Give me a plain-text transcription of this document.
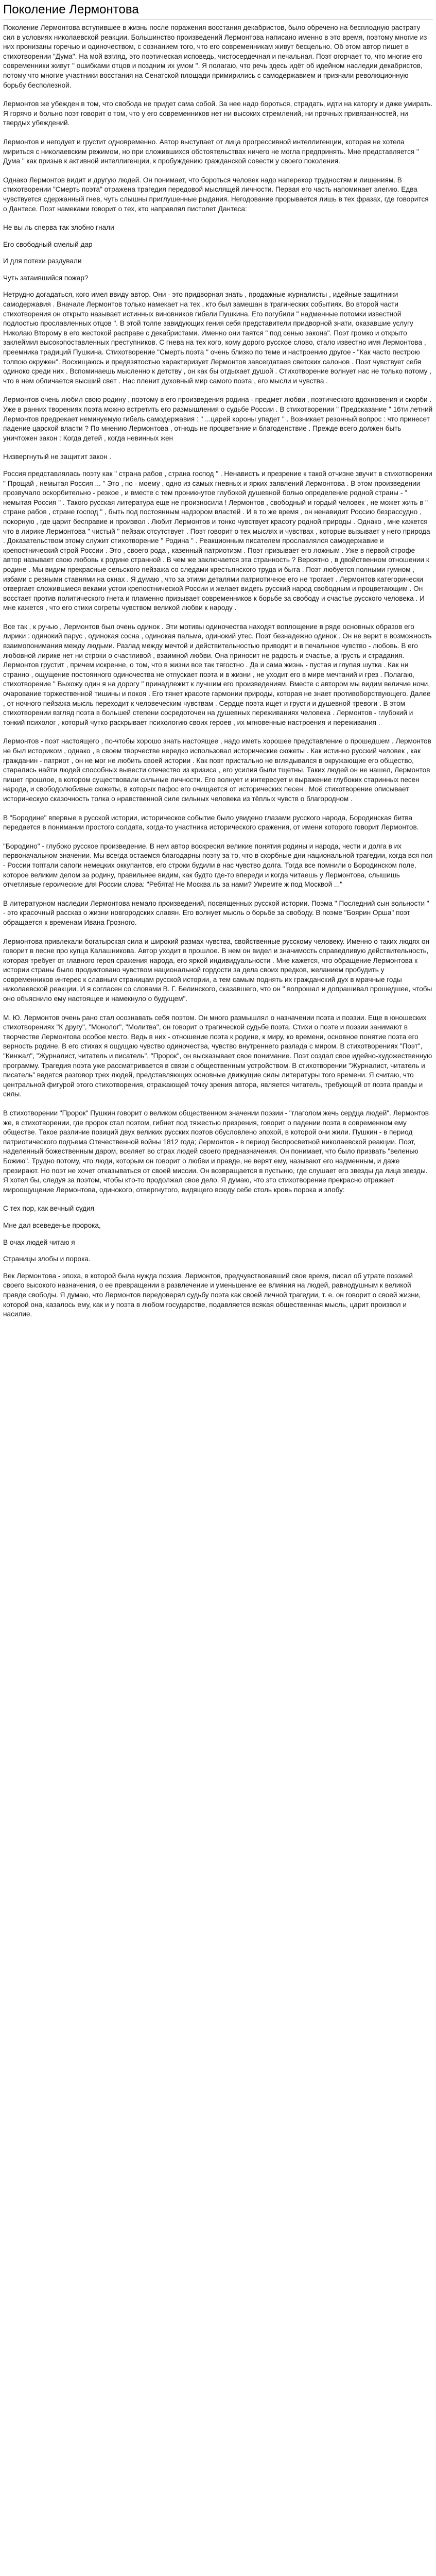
Поколение Лермонтова

Поколение Лермонтова вступившее в жизнь после поражения восстания декабристов, было обречено на бесплодную растрату сил в условиях николаевской реакции. Большинство произведений Лермонтова написано именно в это время, поэтому многие из них пронизаны горечью и одиночеством, с сознанием того, что его современникам живут бесцельно. Об этом автор пишет в стихотворении "Дума". На мой взгляд, это поэтическая исповедь, чистосердечная и печальная. Поэт огорчает то, что многие его современники живут " ошибками отцов и поздним их умом ". Я полагаю, что речь здесь идёт об идейном наследии декабристов, потому что многие участники восстания на Сенатской площади примирились с самодержавием и признали революционную борьбу бесполезной.

Лермонтов же убежден в том, что свобода не придет сама собой. За нее надо бороться, страдать, идти на каторгу и даже умирать. Я горячо и больно поэт говорит о том, что у его современников нет ни высоких стремлений, ни прочных привязанностей, ни твердых убеждений.

Лермонтов и негодует и грустит одновременно. Автор выступает от лица прогрессивной интеллигенции, которая не хотела мириться с николаевским режимом, но при сложившихся обстоятельствах ничего не могла предпринять. Мне представляется " Дума " как призыв к активной интеллигенции, к пробуждению гражданской совести у своего поколения.

Однако Лермонтов видит и другую людей. Он понимает, что бороться человек надо наперекор трудностям и лишениям. В стихотворении "Смерть поэта" отражена трагедия передовой мыслящей личности. Первая его часть напоминает элегию. Едва чувствуется сдержанный гнев, чуть слышны приглушенные рыдания. Негодование прорывается лишь в тех фразах, где говорится о Дантесе. Поэт намеками говорит о тех, кто направлял пистолет Дантеса:

Не вы ль сперва так злобно гнали
Его свободный смелый дар
И для потехи раздували
Чуть затаившийся пожар?

Нетрудно догадаться, кого имел ввиду автор. Они - это придворная знать , продажные журналисты , идейные защитники самодержавия . Вначале Лермонтов только намекает на тех , кто был замешан в трагических событиях. Во второй части стихотворения он открыто называет истинных виновников гибели Пушкина. Его погубили " надменные потомки известной подлостью прославленных отцов ". В этой толпе завидующих гения себя представители придворной знати, оказавшие услугу Николаю Второму в его жестокой расправе с декабристами. Именно они таятся " под сенью закона". Поэт громко и открыто заклеймил высокопоставленных преступников. С гнева на тех кого, кому дорого русское слово, стало известно имя Лермонтова , преемника традиций Пушкина. Стихотворение "Смерть поэта " очень близко по теме и настроению другое - "Как часто пестрою толпою окружен". Восхищаюсь и предвзятостью характеризует Лермонтов завсегдатаев светских салонов . Поэт чувствует себя одиноко среди них . Вспоминаешь мысленно к детству , он как бы отдыхает душой . Стихотворение волнует нас не только потому , что в нем обличается высший свет . Нас пленит духовный мир самого поэта , его мысли и чувства .

Лермонтов очень любил свою родину , поэтому в его произведения родина - предмет любви , поэтического вдохновения и скорби . Уже в ранних творениях поэта можно встретить его размышления о судьбе России . В стихотворении " Предсказание " 16ти летний Лермонтов предрекает неминуемую гибель самодержавия : " ...царей короны упадет " . Возникает резонный вопрос : что принесет падение царской власти ? По мнению Лермонтова , отнюдь не процветание и благоденствие . Прежде всего должен быть уничтожен закон : Когда детей , когда невинных жен

Низвергнутый не защитит закон .

Россия представлялась поэту как " страна рабов , страна господ " . Ненавистъ и презрение к такой отчизне звучит в стихотворении " Прощай , немытая Россия ... " Это , по - моему , одно из самых гневных и ярких заявлений Лермонтова . В этом произведении прозвучало оскорбительно - резкое , и вместе с тем проникнутое глубокой душевной болью определение родной страны - " немытая Россия " . Такого русская литература еще не произносила ! Лермонтов , свободный и гордый человек , не может жить в " стране рабов , стране господ " , быть под постоянным надзором властей . И в то же время , он ненавидит Россию безрассудно , покорную , где царит бесправие и произвол . Любит Лермонтов и тонко чувствует красоту родной природы . Однако , мне кажется что в лирике Лермонтова " чистый " пейзаж отсутствует . Поэт говорит о тех мыслях и чувствах , которые вызывает у него природа . Доказательством этому служит стихотворение " Родина " . Реакционным писателем прославлялся самодержавие и крепостнический строй России . Это , своего рода , казенный патриотизм . Поэт призывает его ложным . Уже в первой строфе автор называет свою любовь к родине странной . В чем же заключается эта странность ? Вероятно , в двойственном отношении к родине . Мы видим прекрасные сельского пейзажа со следами крестьянского труда и быта . Поэт любуется полными гумном , избами с резными ставнями на окнах . Я думаю , что за этими деталями патриотичное его не трогает . Лермонтов категорически отвергает сложившиеся веками устои крепостнической России и желает видеть русский народ свободным и процветающим . Он восстает против политического гнета и пламенно призывает современников к борьбе за свободу и счастье русского человека . И мне кажется , что его стихи согреты чувством великой любви к народу .

Все так , к ручью , Лермонтов был очень одинок . Эти мотивы одиночества находят воплощение в ряде основных образов его лирики : одинокий парус , одинокая сосна , одинокая пальма, одинокий утес. Поэт безнадежно одинок . Он не верит в возможность взаимопонимания между людьми. Разлад между мечтой и действительностью приводит и в печальное чувство - любовь. В его любовной лирике нет ни строки о счастливой , взаимной любви. Она приносит не радость и счастье, а грусть и страдания. Лермонтов грустит , причем искренне, о том, что в жизни все так тягостно . Да и сама жизнь - пустая и глупая шутка . Как ни странно , ощущение постоянного одиночества не отпускает поэта и в жизни , не уходит его в мире мечтаний и грез . Полагаю, стихотворение " Выхожу один я на дорогу " принадлежит к лучшим его произведениям. Вместе с автором мы видим величие ночи, очарование торжественной тишины и покоя . Его тянет красоте гармонии природы, которая не знает противоборствующего. Далее , от ночного пейзажа мысль переходит к человеческим чувствам . Сердце поэта ищет и грусти и душевной тревоги . В этом стихотворении взгляд поэта в большей степени сосредоточен на душевных переживаниях человека . Лермонтов - глубокий и тонкий психолог , который чутко раскрывает психологию своих героев , их мгновенные настроения и переживания .

Лермонтов - поэт настоящего , по-чтобы хорошо знать настоящее , надо иметь хорошее представление о прошедшем . Лермонтов не был историком , однако , в своем творчестве нередко использовал исторические сюжеты . Как истинно русский человек , как гражданин - патриот , он не мог не любить своей истории . Как поэт пристально не вглядывался в окружающие его общество, старались найти людей способных вывести отечество из кризиса , его усилия были тщетны. Таких людей он не нашел, Лермонтов пишет прошлое, в котором существовали сильные личности. Его волнует и интересует и выражение глубоких старинных песен народа, и свободолюбивые сюжеты, в которых пафос его очищается от исторических песен . Моё стихотворение описывает историческую сказочность толка о нравственной силе сильных человека из тёплых чувств о благородном .

В "Бородине" впервые в русской истории, историческое событие было увидено глазами русского народа, Бородинская битва передается в понимании простого солдата, когда-то участника исторического сражения, от имени которого говорит Лермонтов.

"Бородино" - глубоко русское произведение. В нем автор воскресил великие понятия родины и народа, чести и долга в их первоначальном значении. Мы всегда остаемся благодарны поэту за то, что в скорбные дни национальной трагедии, когда вся пол - России топтали сапоги немецких оккупантов, его строки будили в нас чувство долга. Тогда все помнили о Бородинском поле, которое великим делом за родину, правильнее видим, как будто где-то впереди и когда читаешь у Лермонтова, слышишь отчетливые героические для России слова: "Ребята! Не Москва ль за нами? Умремте ж под Москвой ..."

В литературном наследии Лермонтова немало произведений, посвященных русской истории. Поэма " Последний сын вольности " - это красочный рассказ о жизни новгородских славян. Его волнует мысль о борьбе за свободу. В поэме "Боярин Орша" поэт обращается к временам Ивана Грозного.

Лермонтова привлекали богатырская сила и широкий размах чувства, свойственные русскому человеку. Именно о таких людях он говорит в песне про купца Калашникова. Автор уходит в прошлое. В нем он видел и значимость справедливую действительность, которая требует от главного героя сражения народа, его яркой индивидуальности . Мне кажется, что обращение Лермонтова к истории страны было продиктовано чувством национальной гордости за дела своих предков, желанием пробудить у современников интерес к славным страницам русской истории, а тем самым поднять их гражданский дух в мрачные годы николаевской реакции. И я согласен со словами В. Г. Белинского, сказавшего, что он " вопрошал и допрашивал прошедшее, чтобы оно объяснило ему настоящее и намекнуло о будущем".

М. Ю. Лермонтов очень рано стал осознавать себя поэтом. Он много размышлял о назначении поэта и поэзии. Еще в юношеских стихотворениях "К другу", "Монолог", "Молитва", он говорит о трагической судьбе поэта. Стихи о поэте и поэзии занимают в творчестве Лермонтова особое место. Ведь в них - отношение поэта к родине, к миру, ко времени, основное понятие поэта его верность родине. В его стихах я ощущаю чувство одиночества, чувство внутреннего разлада с миром. В стихотворениях "Поэт", "Кинжал", "Журналист, читатель и писатель", "Пророк", он высказывает свое понимание. Поэт создал свое идейно-художественную программу. Трагедия поэта уже рассматривается в связи с общественным устройством. В стихотворении "Журналист, читатель и писатель" ведется разговор трех людей, представляющих основные движущие силы литературы того времени. Я считаю, что центральной фигурой этого стихотворения, отражающей точку зрения автора, является читатель, требующий от поэта правды и силы.

В стихотворении "Пророк" Пушкин говорит о великом общественном значении поэзии - "глаголом жечь сердца людей". Лермонтов же, в стихотворении, где пророк стал поэтом, гибнет под тяжестью презрения, говорит о падении поэта в современном ему обществе. Такое различие позиций двух великих русских поэтов обусловлено эпохой, в которой они жили. Пушкин - в период патриотического подъема Отечественной войны 1812 года; Лермонтов - в период беспросветной николаевской реакции. Поэт, наделенный божественным даром, вселяет во страх людей своего предназначения. Он понимает, что было призвать "веленью Божию". Трудно потому, что люди, которым он говорит о любви и правде, не верят ему, называют его надменным, и даже презирают. Но поэт не хочет отказываться от своей миссии. Он возвращается в пустыню, где слушает его звезды да лица звезды. Я хотел бы, следуя за поэтом, чтобы кто-то продолжал свое дело. Я думаю, что это стихотворение прекрасно отражает мироощущение Лермонтова, одинокого, отвергнутого, видящего всюду себе столь кровь порока и злобу:

С тех пор, как вечный судия
Мне дал всеведенье пророка,
В очах людей читаю я
Страницы злобы и порока.

Век Лермонтова - эпоха, в которой была нужда поэзия. Лермонтов, предчувствовавший свое время, писал об утрате поэзией своего высокого назначения, о ее превращении в развлечение и уменьшение ее влияния на людей, равнодушным к великой правде свободы. Я думаю, что Лермонтов передоверял судьбу поэта как своей личной трагедии, т. е. он говорит о своей жизни, которой она, казалось ему, как и у поэта в любом государстве, подавляется всякая общественная мысль, царит произвол и насилие.
